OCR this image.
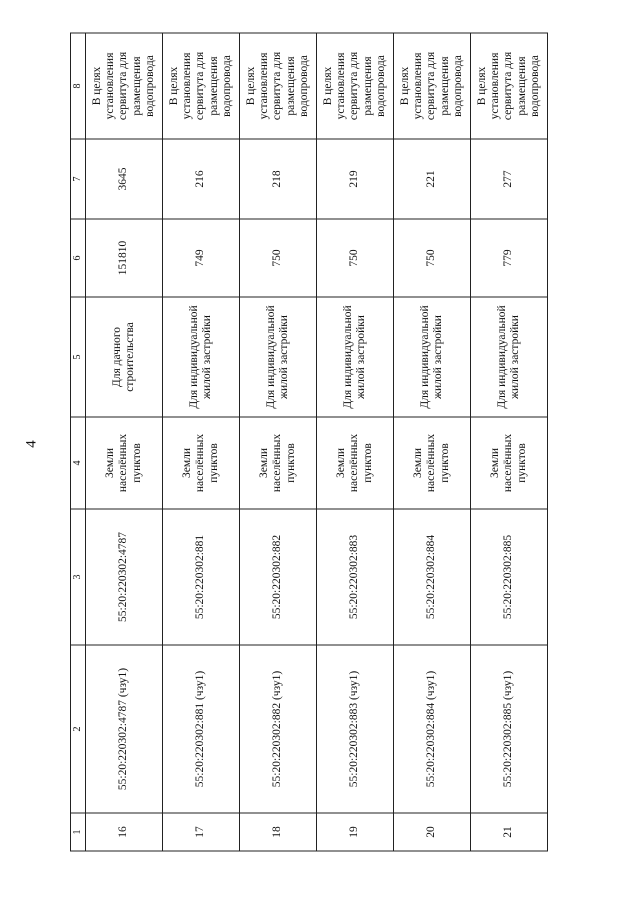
4
1	2	3	4	5	6	7	8
16	55:20:220302:4787 (чзу1)	55:20:220302:4787	Земли населённых пунктов	Для дачного строительства	151810	3645	В целях установления сервитута для размещения водопровода
17	55:20:220302:881 (чзу1)	55:20:220302:881	Земли населённых пунктов	Для индивидуальной жилой застройки	749	216	В целях установления сервитута для размещения водопровода
18	55:20:220302:882 (чзу1)	55:20:220302:882	Земли населённых пунктов	Для индивидуальной жилой застройки	750	218	В целях установления сервитута для размещения водопровода
19	55:20:220302:883 (чзу1)	55:20:220302:883	Земли населённых пунктов	Для индивидуальной жилой застройки	750	219	В целях установления сервитута для размещения водопровода
20	55:20:220302:884 (чзу1)	55:20:220302:884	Земли населённых пунктов	Для индивидуальной жилой застройки	750	221	В целях установления сервитута для размещения водопровода
21	55:20:220302:885 (чзу1)	55:20:220302:885	Земли населённых пунктов	Для индивидуальной жилой застройки	779	277	В целях установления сервитута для размещения водопровода
